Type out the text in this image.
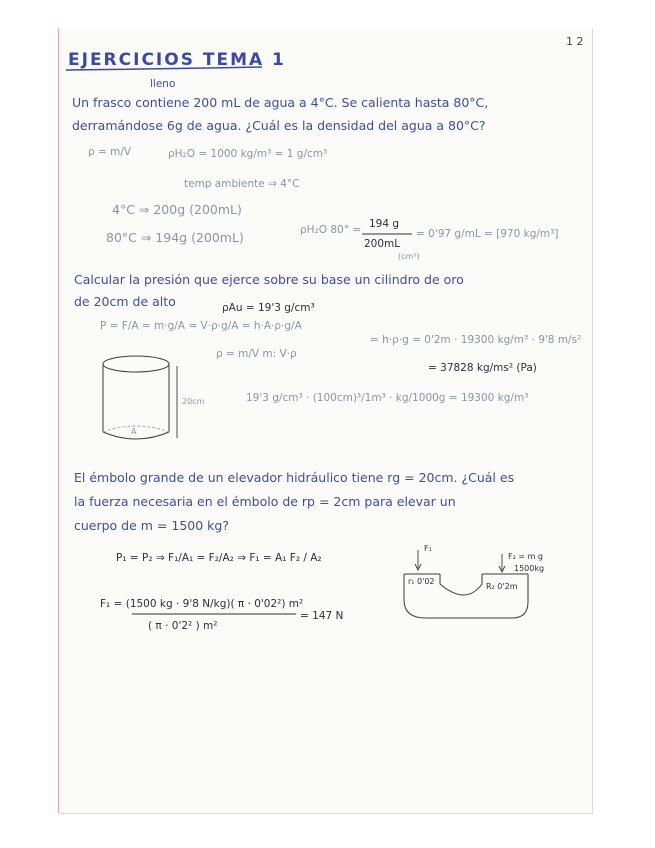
1 2
EJERCICIOS TEMA 1
lleno
Un frasco contiene 200 mL de agua a 4°C. Se calienta hasta 80°C,
derramándose 6g de agua. ¿Cuál es la densidad del agua a 80°C?
ρ = m/V	ρH₂O = 1000 kg/m³ = 1 g/cm³
temp ambiente ⇒ 4°C
4°C ⇒ 200g (200mL)
80°C ⇒ 194g (200mL)	ρH₂O 80° = 194 g
200mL
(cm³)
= 0'97 g/mL = [970 kg/m³]
Calcular la presión que ejerce sobre su base un cilindro de oro
de 20cm de alto	ρAu = 19'3 g/cm³
P = F/A = m·g/A = V·ρ·g/A = h·A·ρ·g/A
= h·ρ·g = 0'2m · 19300 kg/m³ · 9'8 m/s²
ρ = m/V m: V·ρ
= 37828 kg/ms² (Pa)
20cm
A
19'3 g/cm³ · (100cm)³/1m³ · kg/1000g = 19300 kg/m³
El émbolo grande de un elevador hidráulico tiene rg = 20cm. ¿Cuál es
la fuerza necesaria en el émbolo de rp = 2cm para elevar un
cuerpo de m = 1500 kg?
P₁ = P₂ ⇒ F₁/A₁ = F₂/A₂ ⇒ F₁ = A₁ F₂ / A₂
F₁ = (1500 kg · 9'8 N/kg)( π · 0'02²) m²
( π · 0'2² ) m²
= 147 N
F₁
F₂ = m g
1500kg
r₁ 0'02
R₂ 0'2m
